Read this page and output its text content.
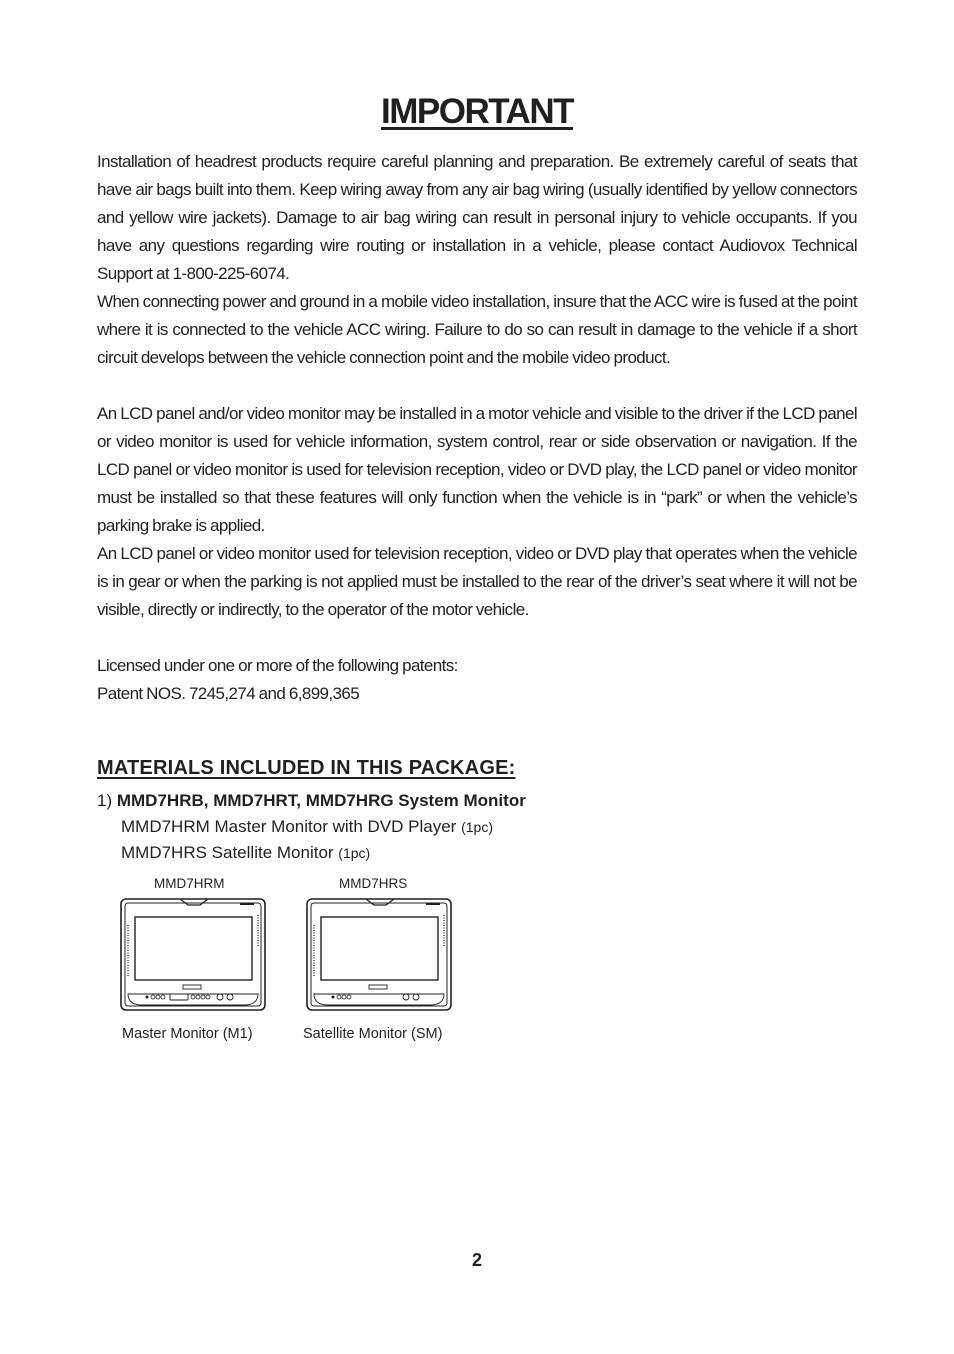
IMPORTANT
Installation of headrest products require careful planning and preparation. Be extremely careful of seats that have air bags built into them. Keep wiring away from any air bag wiring (usually identified by yellow connectors and yellow wire jackets). Damage to air bag wiring can result in personal injury to vehicle occupants. If you have any questions regarding wire routing or installation in a vehicle, please contact Audiovox Technical Support at 1-800-225-6074.
When connecting power and ground in a mobile video installation, insure that the ACC wire is fused at the point where it is connected to the vehicle ACC wiring. Failure to do so can result in damage to the vehicle if a short circuit develops between the vehicle connection point and the mobile video product.
An LCD panel and/or video monitor may be installed in a motor vehicle and visible to the driver if the LCD panel or video monitor is used for vehicle information, system control, rear or side observation or navigation. If the LCD panel or video monitor is used for television reception, video or DVD play, the LCD panel or video monitor must be installed so that these features will only function when the vehicle is in “park” or when the vehicle’s parking brake is applied.
An LCD panel or video monitor used for television reception, video or DVD play that operates when the vehicle is in gear or when the parking is not applied must be installed to the rear of the driver’s seat where it will not be visible, directly or indirectly, to the operator of the motor vehicle.
Licensed under one or more of the following patents:
Patent NOS. 7245,274 and 6,899,365
MATERIALS INCLUDED IN THIS PACKAGE:
1) MMD7HRB, MMD7HRT, MMD7HRG System Monitor
MMD7HRM Master Monitor with DVD Player (1pc)
MMD7HRS Satellite Monitor (1pc)
MMD7HRM	MMD7HRS
Master Monitor (M1)	Satellite Monitor (SM)
2
